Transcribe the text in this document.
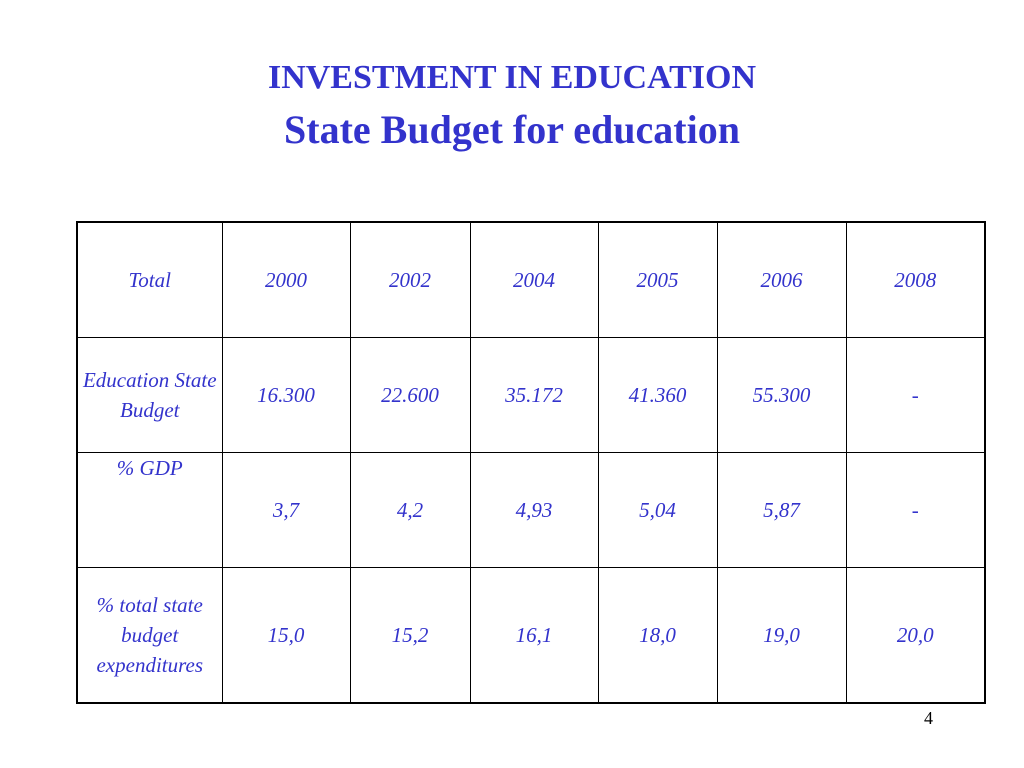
INVESTMENT IN EDUCATION
State Budget for education
Total	2000	2002	2004	2005	2006	2008
Education State Budget	16.300	22.600	35.172	41.360	55.300	-
% GDP	3,7	4,2	4,93	5,04	5,87	-
% total state budget expenditures	15,0	15,2	16,1	18,0	19,0	20,0
4
